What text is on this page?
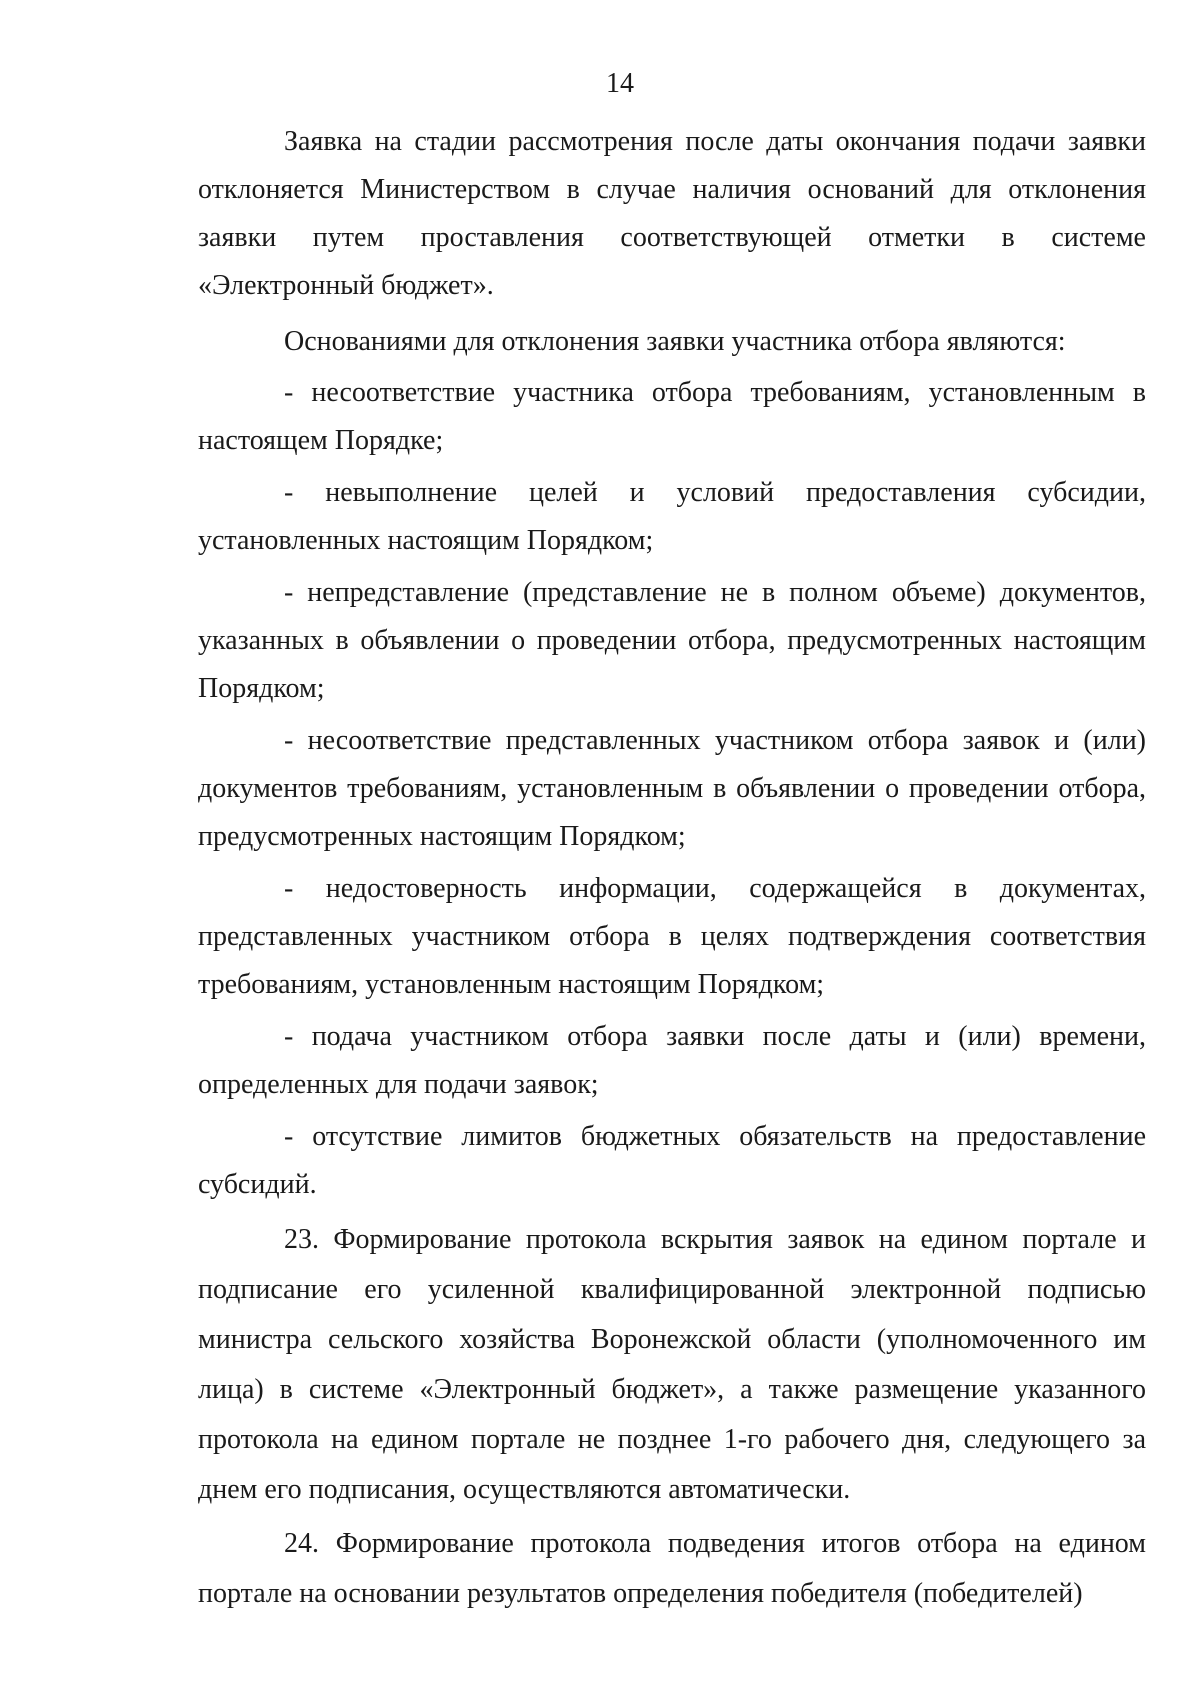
14

Заявка на стадии рассмотрения после даты окончания подачи заявки отклоняется Министерством в случае наличия оснований для отклонения заявки путем проставления соответствующей отметки в системе «Электронный бюджет».

Основаниями для отклонения заявки участника отбора являются:

- несоответствие участника отбора требованиям, установленным в настоящем Порядке;

- невыполнение целей и условий предоставления субсидии, установленных настоящим Порядком;

- непредставление (представление не в полном объеме) документов, указанных в объявлении о проведении отбора, предусмотренных настоящим Порядком;

- несоответствие представленных участником отбора заявок и (или) документов требованиям, установленным в объявлении о проведении отбора, предусмотренных настоящим Порядком;

- недостоверность информации, содержащейся в документах, представленных участником отбора в целях подтверждения соответствия требованиям, установленным настоящим Порядком;

- подача участником отбора заявки после даты и (или) времени, определенных для подачи заявок;

- отсутствие лимитов бюджетных обязательств на предоставление субсидий.

23. Формирование протокола вскрытия заявок на едином портале и подписание его усиленной квалифицированной электронной подписью министра сельского хозяйства Воронежской области (уполномоченного им лица) в системе «Электронный бюджет», а также размещение указанного протокола на едином портале не позднее 1-го рабочего дня, следующего за днем его подписания, осуществляются автоматически.

24. Формирование протокола подведения итогов отбора на едином портале на основании результатов определения победителя (победителей)
